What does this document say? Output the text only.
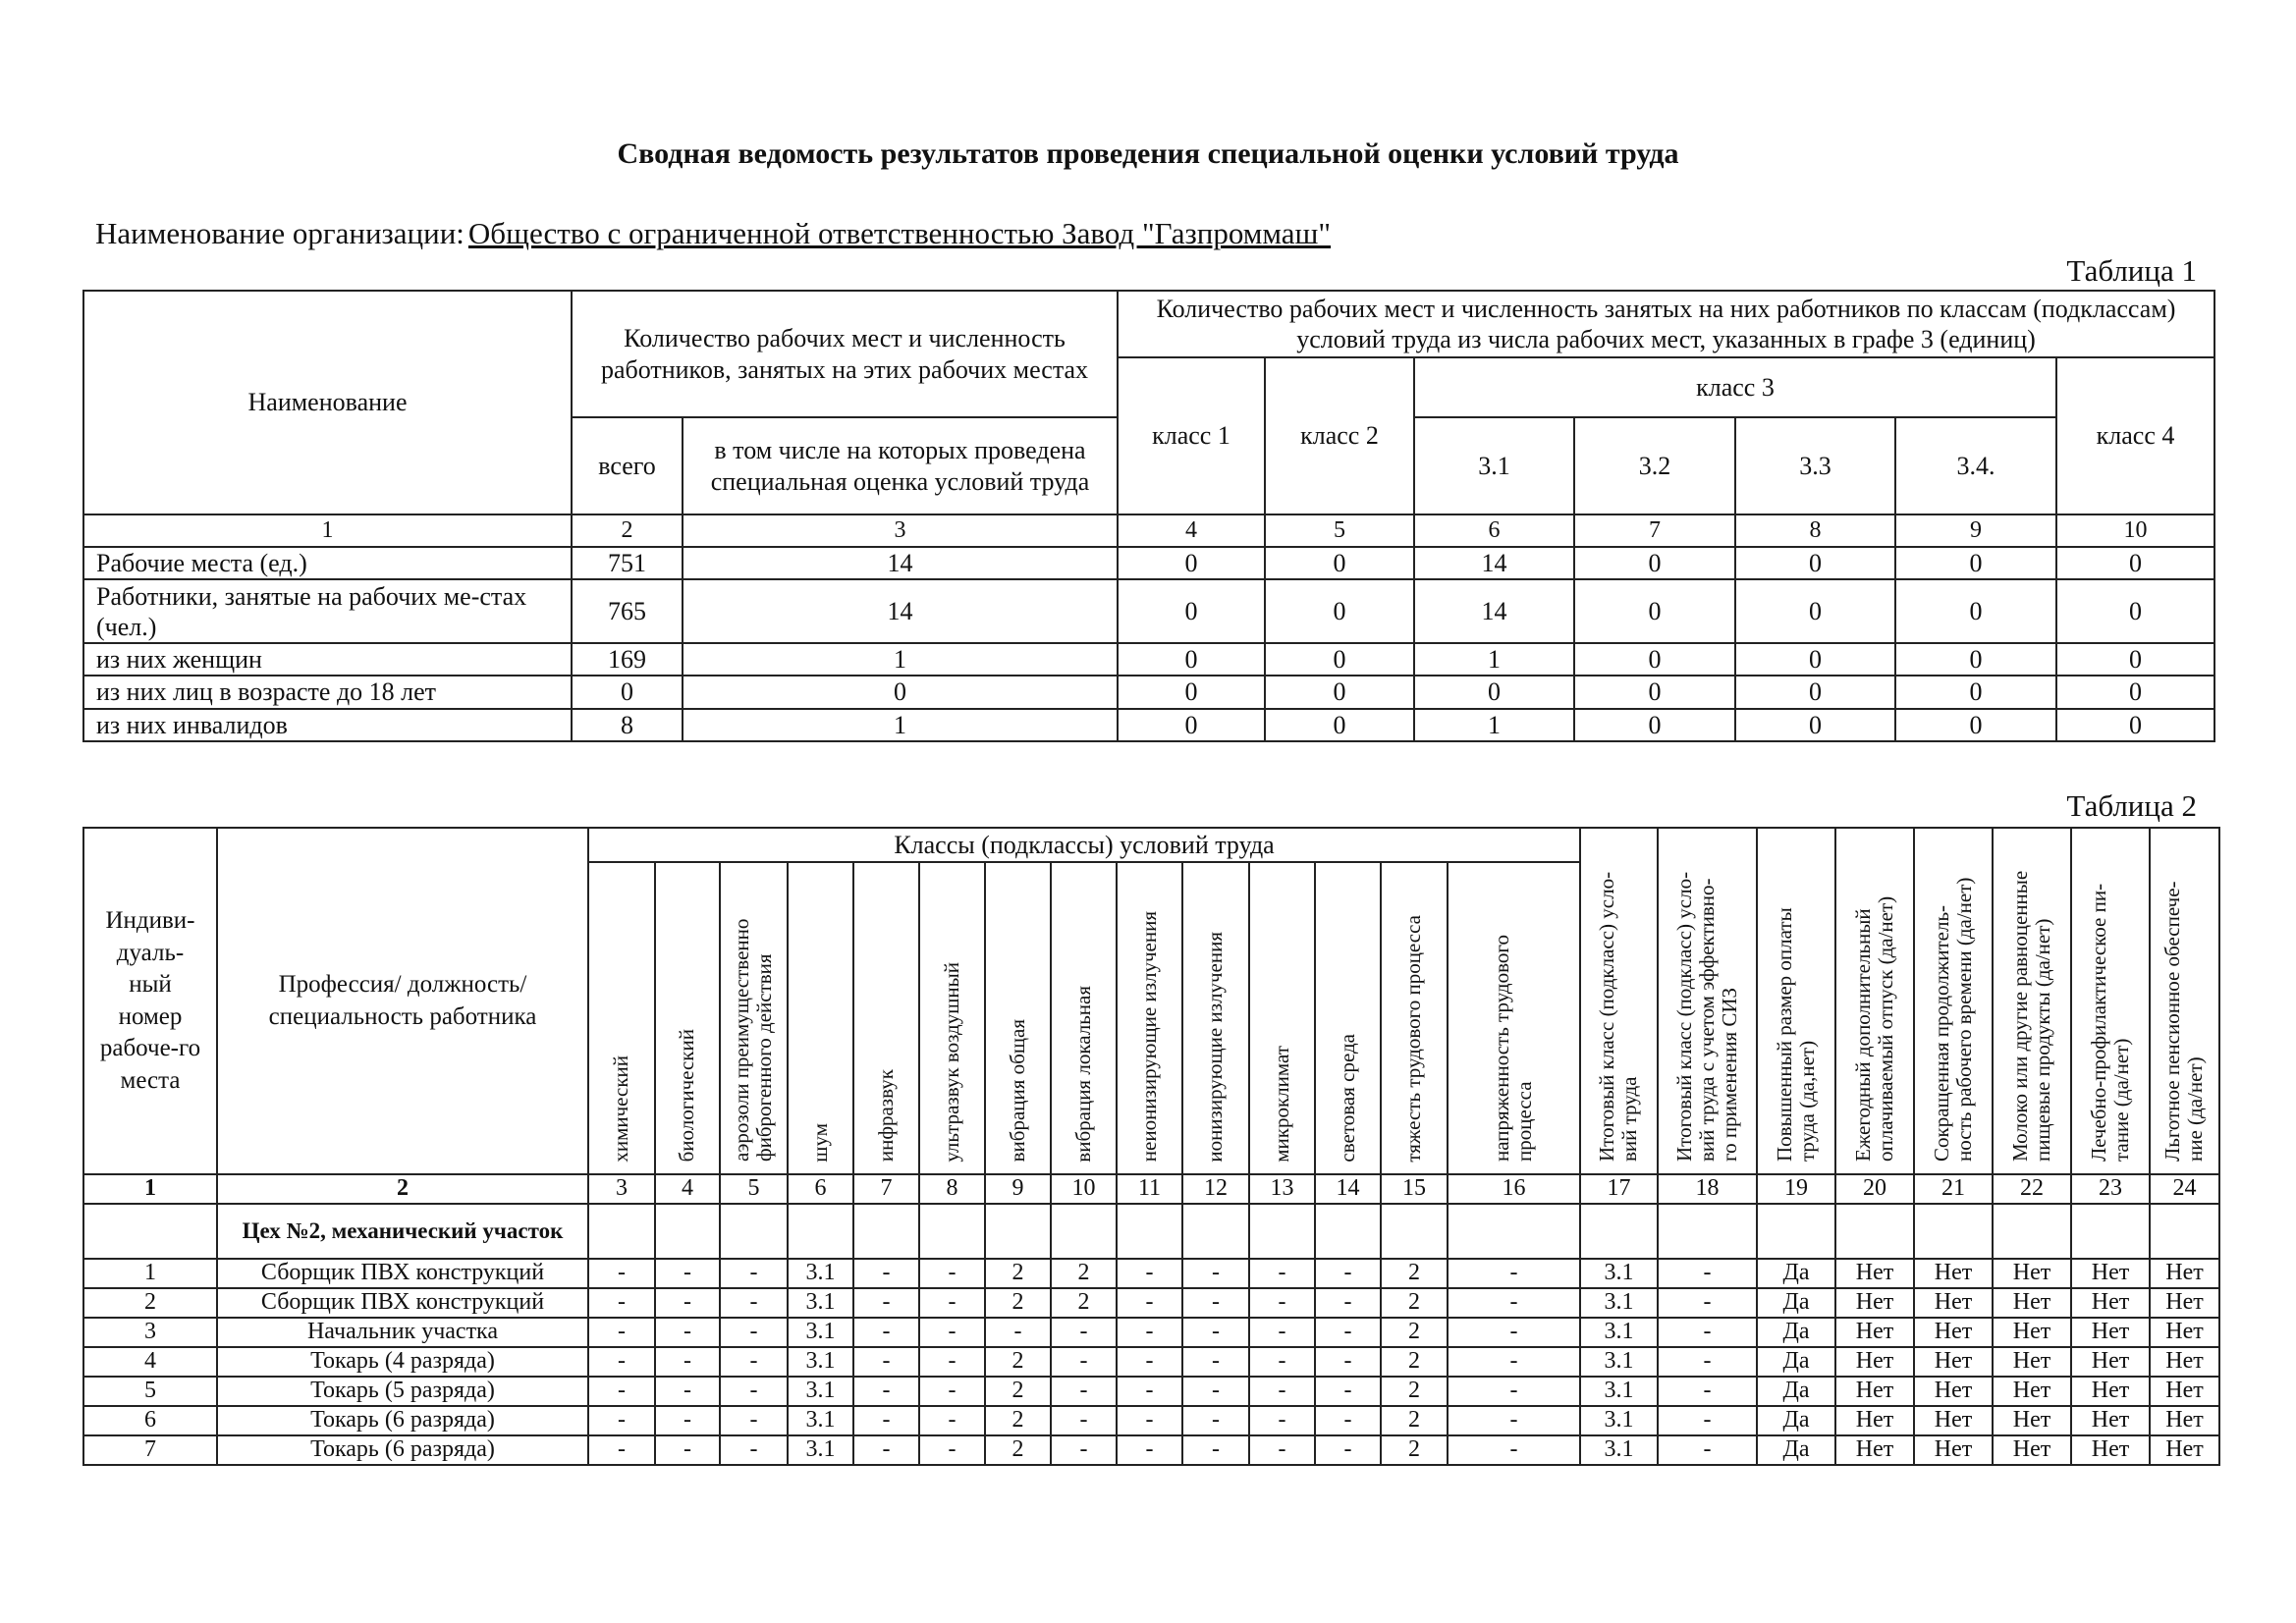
Сводная ведомость результатов проведения специальной оценки условий труда
Наименование организации: Общество с ограниченной ответственностью Завод "Газпроммаш"
Таблица 1
Наименование	Количество рабочих мест и численность работников, занятых на этих рабочих местах		Количество рабочих мест и численность занятых на них работников по классам (подклассам) условий труда из числа рабочих мест, указанных в графе 3 (единиц)						
			класс 1	класс 2	класс 3				класс 4
	всего	в том числе на которых проведена специальная оценка условий труда			3.1	3.2	3.3	3.4.	
1	2	3	4	5	6	7	8	9	10
Рабочие места (ед.)	751	14	0	0	14	0	0	0	0
Работники, занятые на рабочих ме-стах (чел.)	765	14	0	0	14	0	0	0	0
из них женщин	169	1	0	0	1	0	0	0	0
из них лиц в возрасте до 18 лет	0	0	0	0	0	0	0	0	0
из них инвалидов	8	1	0	0	1	0	0	0	0
Таблица 2
Индиви-дуаль-ный номер рабоче-го места	Профессия/ должность/ специальность работника	Классы (подклассы) условий труда														Итоговый класс (подкласс) усло-вий труда	Итоговый класс (подкласс) усло-вий труда с учетом эффективно-го применения СИЗ	Повышенный размер оплаты труда (да,нет)	Ежегодный дополнительный оплачиваемый отпуск (да/нет)	Сокращенная продолжитель-ность рабочего времени (да/нет)	Молоко или другие равноценные пищевые продукты (да/нет)	Лечебно-профилактическое пи-тание (да/нет)	Льготное пенсионное обеспече-ние (да/нет)
		химический	биологический	аэрозоли преимущественно фиброгенного действия	шум	инфразвук	ультразвук воздушный	вибрация общая	вибрация локальная	неионизирующие излучения	ионизирующие излучения	микроклимат	световая среда	тяжесть трудового процесса	напряженность трудового процесса								
1	2	3	4	5	6	7	8	9	10	11	12	13	14	15	16	17	18	19	20	21	22	23	24
	Цех №2, механический участок																						
1	Сборщик ПВХ конструкций	-	-	-	3.1	-	-	2	2	-	-	-	-	2	-	3.1	-	Да	Нет	Нет	Нет	Нет	Нет
2	Сборщик ПВХ конструкций	-	-	-	3.1	-	-	2	2	-	-	-	-	2	-	3.1	-	Да	Нет	Нет	Нет	Нет	Нет
3	Начальник участка	-	-	-	3.1	-	-	-	-	-	-	-	-	2	-	3.1	-	Да	Нет	Нет	Нет	Нет	Нет
4	Токарь (4 разряда)	-	-	-	3.1	-	-	2	-	-	-	-	-	2	-	3.1	-	Да	Нет	Нет	Нет	Нет	Нет
5	Токарь (5 разряда)	-	-	-	3.1	-	-	2	-	-	-	-	-	2	-	3.1	-	Да	Нет	Нет	Нет	Нет	Нет
6	Токарь (6 разряда)	-	-	-	3.1	-	-	2	-	-	-	-	-	2	-	3.1	-	Да	Нет	Нет	Нет	Нет	Нет
7	Токарь (6 разряда)	-	-	-	3.1	-	-	2	-	-	-	-	-	2	-	3.1	-	Да	Нет	Нет	Нет	Нет	Нет
